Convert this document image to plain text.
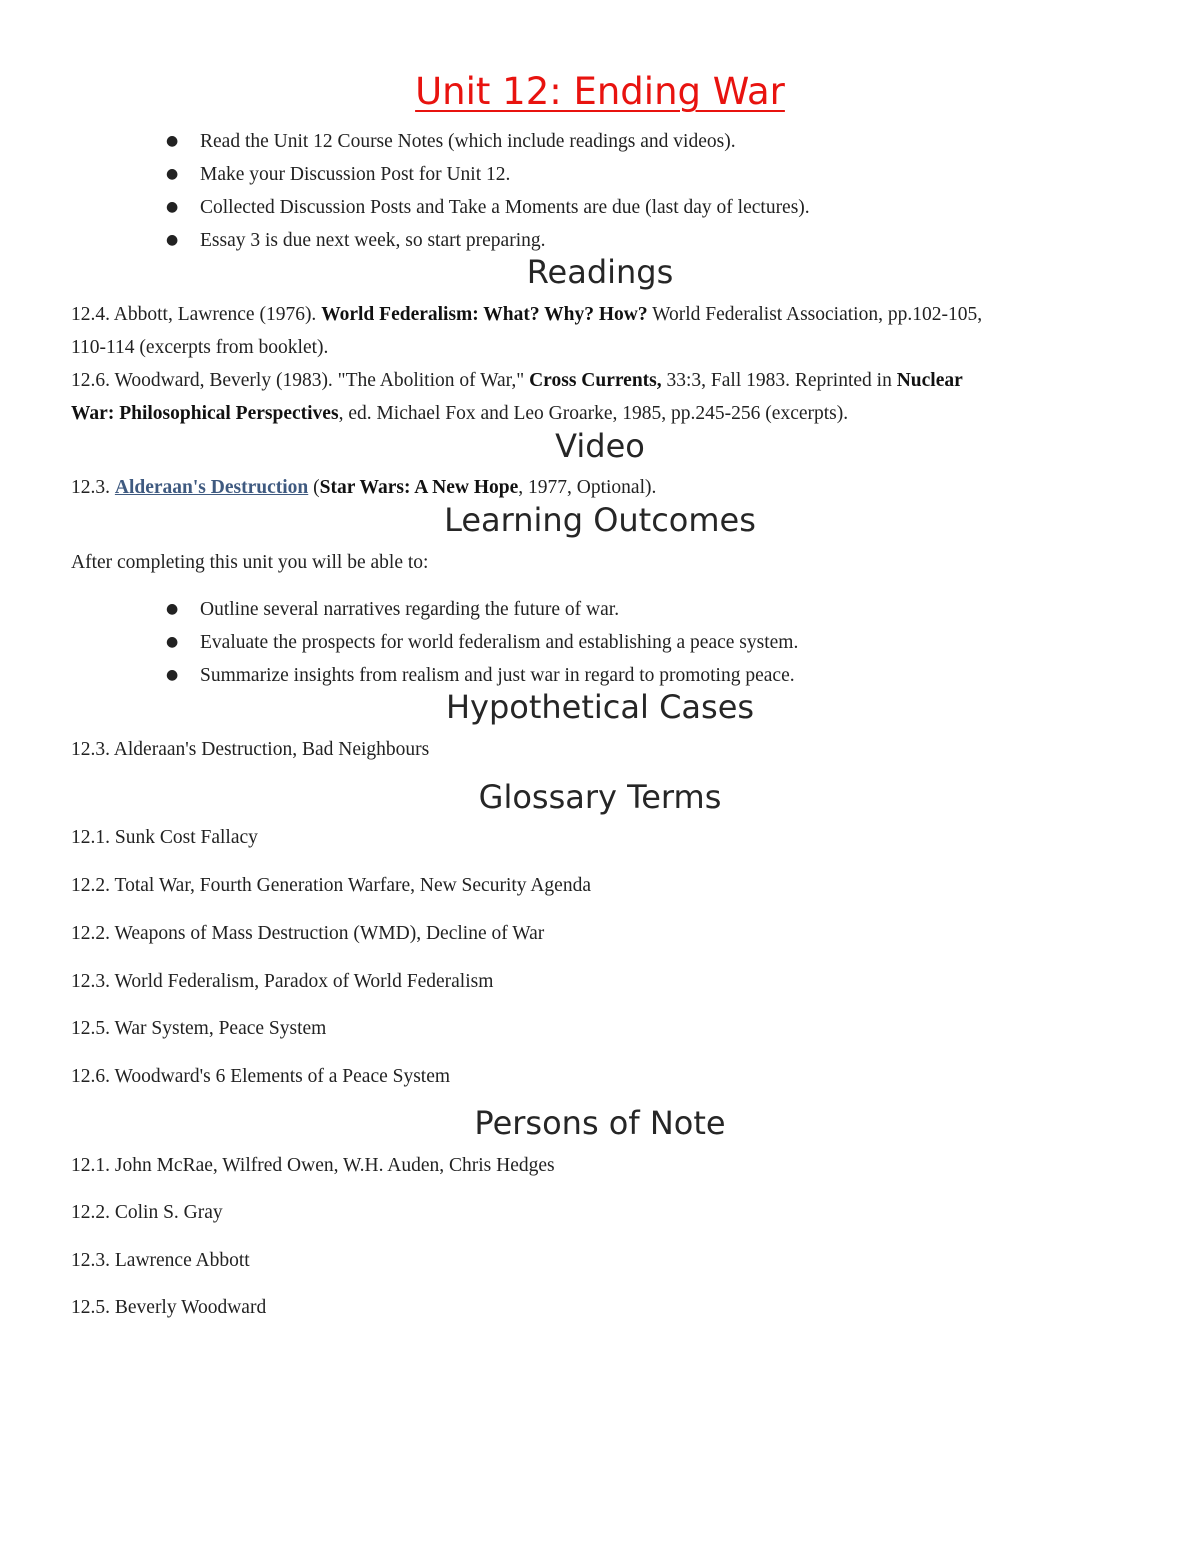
Unit 12: Ending War
● Read the Unit 12 Course Notes (which include readings and videos).
● Make your Discussion Post for Unit 12.
● Collected Discussion Posts and Take a Moments are due (last day of lectures).
● Essay 3 is due next week, so start preparing.
Readings
12.4. Abbott, Lawrence (1976). World Federalism: What? Why? How? World Federalist Association, pp.102-105,
110-114 (excerpts from booklet).
12.6. Woodward, Beverly (1983). "The Abolition of War," Cross Currents, 33:3, Fall 1983. Reprinted in Nuclear
War: Philosophical Perspectives, ed. Michael Fox and Leo Groarke, 1985, pp.245-256 (excerpts).
Video
12.3. Alderaan's Destruction (Star Wars: A New Hope, 1977, Optional).
Learning Outcomes
After completing this unit you will be able to:
● Outline several narratives regarding the future of war.
● Evaluate the prospects for world federalism and establishing a peace system.
● Summarize insights from realism and just war in regard to promoting peace.
Hypothetical Cases
12.3. Alderaan's Destruction, Bad Neighbours
Glossary Terms
12.1. Sunk Cost Fallacy
12.2. Total War, Fourth Generation Warfare, New Security Agenda
12.2. Weapons of Mass Destruction (WMD), Decline of War
12.3. World Federalism, Paradox of World Federalism
12.5. War System, Peace System
12.6. Woodward's 6 Elements of a Peace System
Persons of Note
12.1. John McRae, Wilfred Owen, W.H. Auden, Chris Hedges
12.2. Colin S. Gray
12.3. Lawrence Abbott
12.5. Beverly Woodward
